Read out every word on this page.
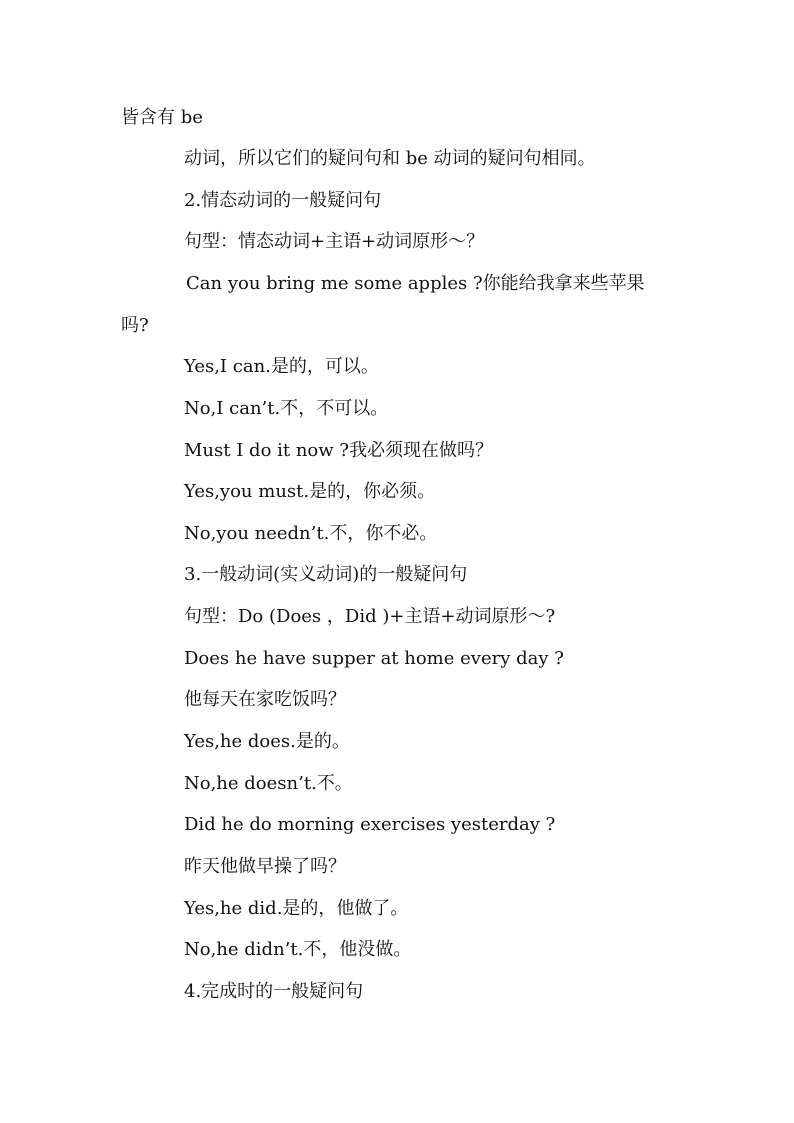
皆含有 be
动词，所以它们的疑问句和 be 动词的疑问句相同。
2.情态动词的一般疑问句
句型：情态动词+主语+动词原形～？
Can you bring me some apples ?你能给我拿来些苹果
吗?
Yes,I can.是的，可以。
No,I can’t.不，不可以。
Must I do it now ?我必须现在做吗？
Yes,you must.是的，你必须。
No,you needn’t.不，你不必。
3.一般动词(实义动词)的一般疑问句
句型：Do (Does ，Did )+主语+动词原形～?
Does he have supper at home every day ?
他每天在家吃饭吗？
Yes,he does.是的。
No,he doesn’t.不。
Did he do morning exercises yesterday ?
昨天他做早操了吗？
Yes,he did.是的，他做了。
No,he didn’t.不，他没做。
4.完成时的一般疑问句
